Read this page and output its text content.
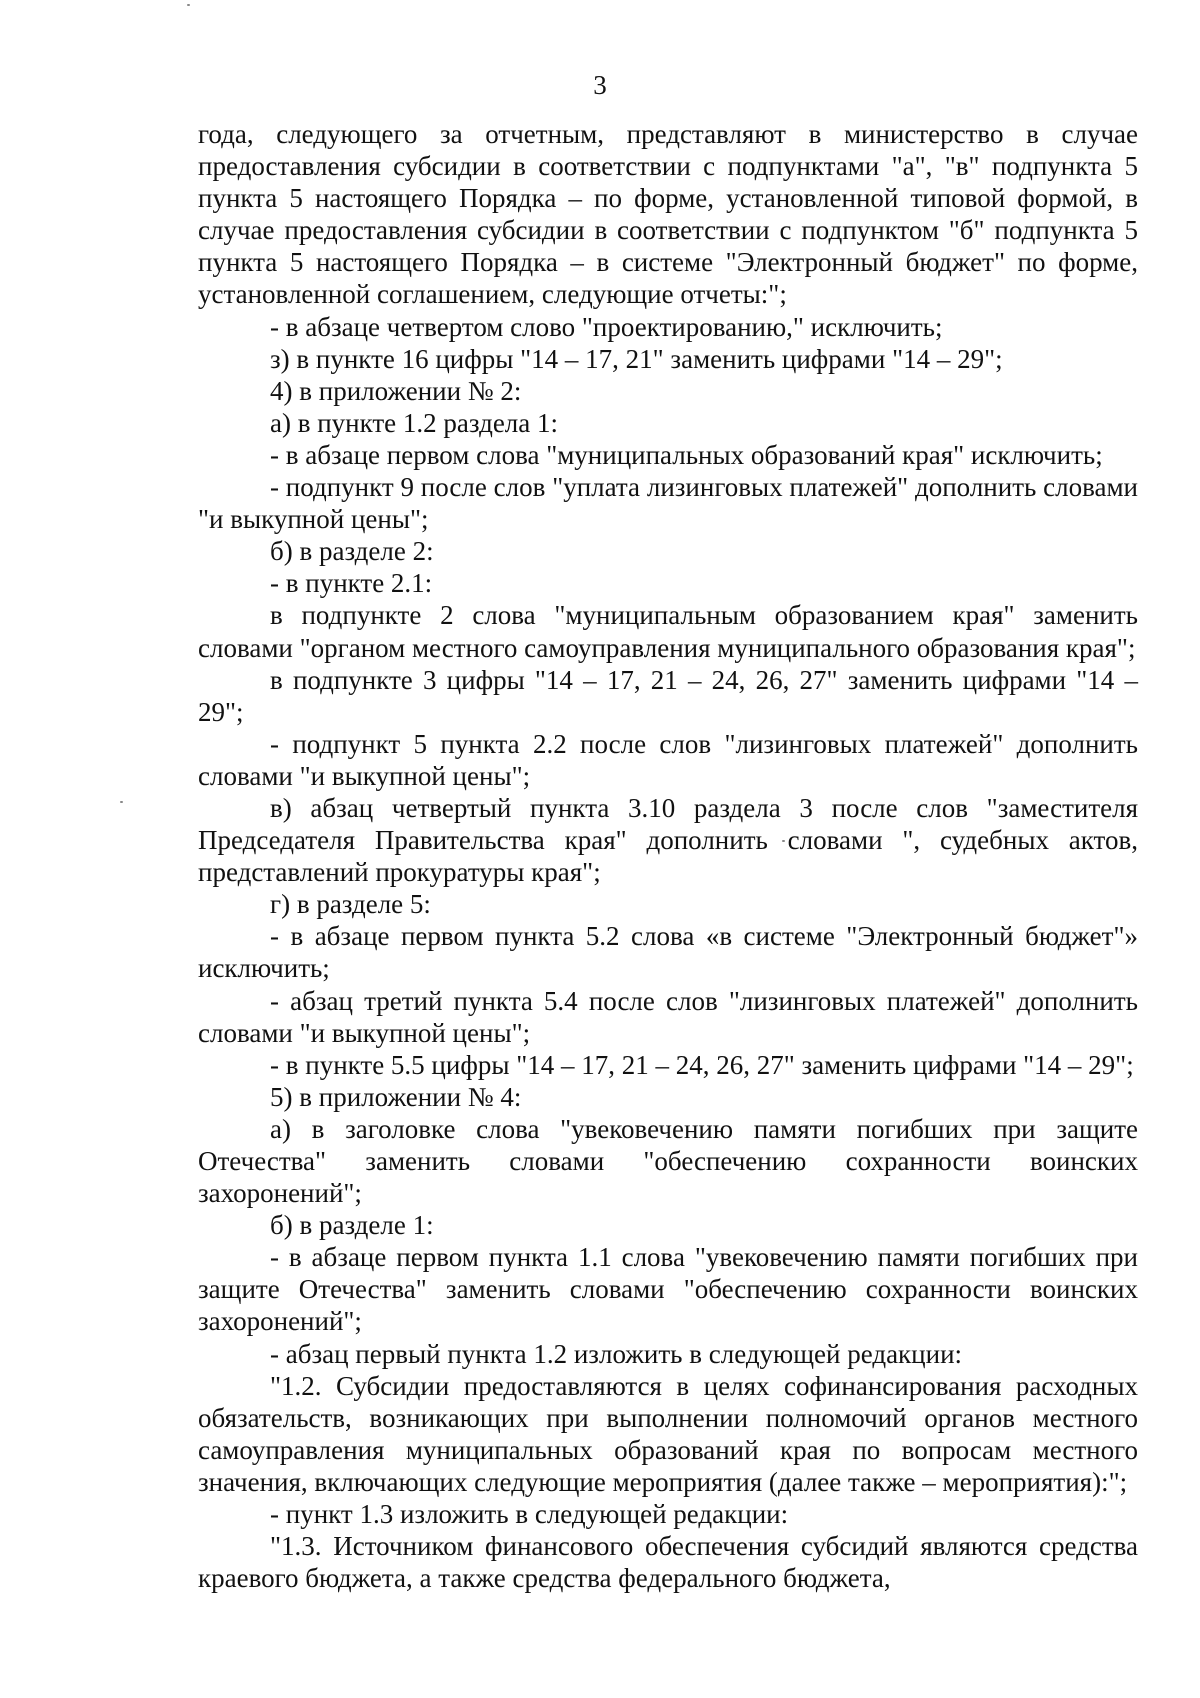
3

года, следующего за отчетным, представляют в министерство в случае предоставления субсидии в соответствии с подпунктами "а", "в" подпункта 5 пункта 5 настоящего Порядка – по форме, установленной типовой формой, в случае предоставления субсидии в соответствии с подпунктом "б" подпункта 5 пункта 5 настоящего Порядка – в системе "Электронный бюджет" по форме, установленной соглашением, следующие отчеты:";

- в абзаце четвертом слово "проектированию," исключить;

з) в пункте 16 цифры "14 – 17, 21" заменить цифрами "14 – 29";

4) в приложении № 2:

а) в пункте 1.2 раздела 1:

- в абзаце первом слова "муниципальных образований края" исключить;

- подпункт 9 после слов "уплата лизинговых платежей" дополнить словами "и выкупной цены";

б) в разделе 2:

- в пункте 2.1:

в подпункте 2 слова "муниципальным образованием края" заменить словами "органом местного самоуправления муниципального образования края";

в подпункте 3 цифры "14 – 17, 21 – 24, 26, 27" заменить цифрами "14 – 29";

- подпункт 5 пункта 2.2 после слов "лизинговых платежей" дополнить словами "и выкупной цены";

в) абзац четвертый пункта 3.10 раздела 3 после слов "заместителя Председателя Правительства края" дополнить словами ", судебных актов, представлений прокуратуры края";

г) в разделе 5:

- в абзаце первом пункта 5.2 слова «в системе "Электронный бюджет"» исключить;

- абзац третий пункта 5.4 после слов "лизинговых платежей" дополнить словами "и выкупной цены";

- в пункте 5.5 цифры "14 – 17, 21 – 24, 26, 27" заменить цифрами "14 – 29";

5) в приложении № 4:

а) в заголовке слова "увековечению памяти погибших при защите Отечества" заменить словами "обеспечению сохранности воинских захоронений";

б) в разделе 1:

- в абзаце первом пункта 1.1 слова "увековечению памяти погибших при защите Отечества" заменить словами "обеспечению сохранности воинских захоронений";

- абзац первый пункта 1.2 изложить в следующей редакции:

"1.2. Субсидии предоставляются в целях софинансирования расходных обязательств, возникающих при выполнении полномочий органов местного самоуправления муниципальных образований края по вопросам местного значения, включающих следующие мероприятия (далее также – мероприятия):";

- пункт 1.3 изложить в следующей редакции:

"1.3. Источником финансового обеспечения субсидий являются средства краевого бюджета, а также средства федерального бюджета,
